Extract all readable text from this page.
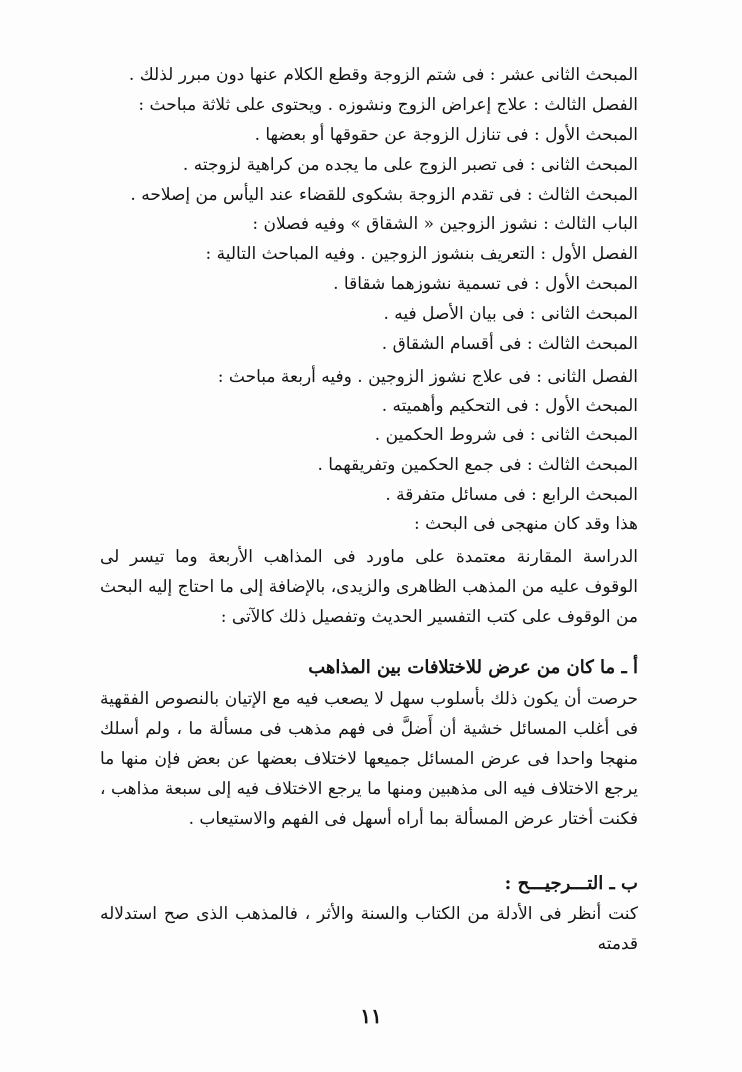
المبحث الثانى عشر : فى شتم الزوجة وقطع الكلام عنها دون مبرر لذلك .
الفصل الثالث : علاج إعراض الزوج ونشوزه . ويحتوى على ثلاثة مباحث :
المبحث الأول : فى تنازل الزوجة عن حقوقها أو بعضها .
المبحث الثانى : فى تصبر الزوج على ما يجده من كراهية لزوجته .
المبحث الثالث : فى تقدم الزوجة بشكوى للقضاء عند اليأس من إصلاحه .
الباب الثالث : نشوز الزوجين « الشقاق » وفيه فصلان :
الفصل الأول : التعريف بنشوز الزوجين . وفيه المباحث التالية :
المبحث الأول : فى تسمية نشوزهما شقاقا .
المبحث الثانى : فى بيان الأصل فيه .
المبحث الثالث : فى أقسام الشقاق .
الفصل الثانى : فى علاج نشوز الزوجين . وفيه أربعة مباحث :
المبحث الأول : فى التحكيم وأهميته .
المبحث الثانى : فى شروط الحكمين .
المبحث الثالث : فى جمع الحكمين وتفريقهما .
المبحث الرابع : فى مسائل متفرقة .
هذا وقد كان منهجى فى البحث :
الدراسة المقارنة معتمدة على ماورد فى المذاهب الأربعة وما تيسر لى الوقوف عليه من المذهب الظاهرى والزيدى، بالإضافة إلى ما احتاج إليه البحث من الوقوف على كتب التفسير الحديث وتفصيل ذلك كالآتى :
أ ـ ما كان من عرض للاختلافات بين المذاهب
حرصت أن يكون ذلك بأسلوب سهل لا يصعب فيه مع الإتيان بالنصوص الفقهية فى أغلب المسائل خشية أن أَضلَّ فى فهم مذهب فى مسألة ما ، ولم أسلك منهجا واحدا فى عرض المسائل جميعها لاختلاف بعضها عن بعض فإن منها ما يرجع الاختلاف فيه الى مذهبين ومنها ما يرجع الاختلاف فيه إلى سبعة مذاهب ، فكنت أختار عرض المسألة بما أراه أسهل فى الفهم والاستيعاب .
ب ـ التـــرجيـــح :
كنت أنظر فى الأدلة من الكتاب والسنة والأثر ، فالمذهب الذى صح استدلاله قدمته
١١
